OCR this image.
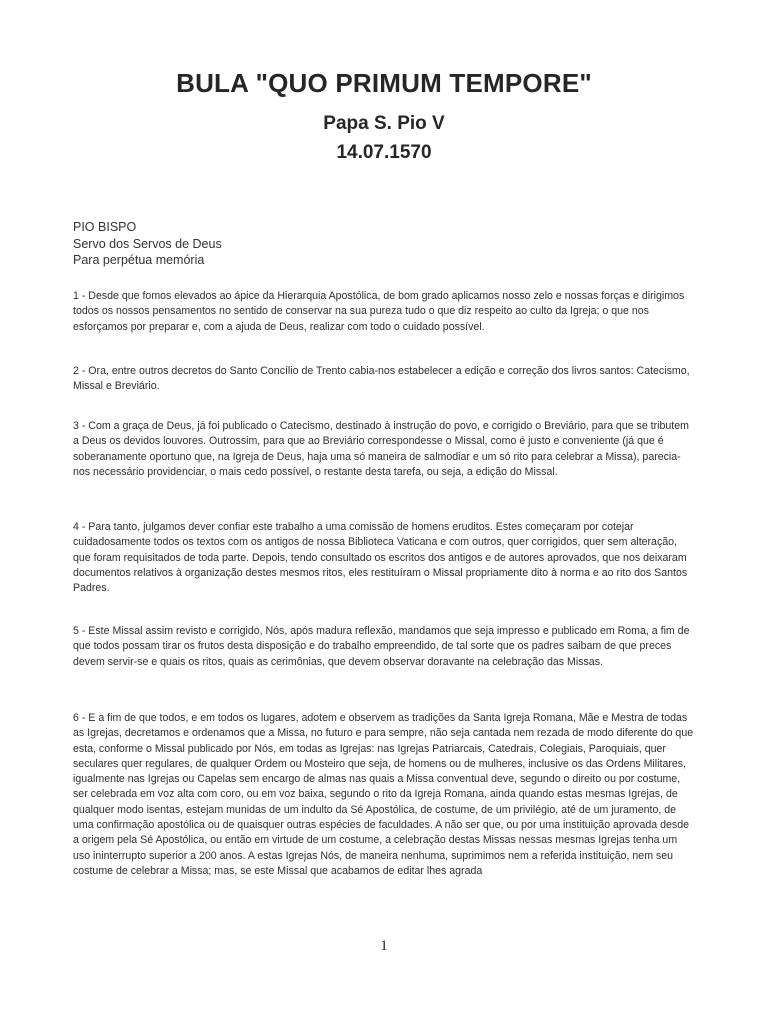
BULA "QUO PRIMUM TEMPORE"
Papa S. Pio V
14.07.1570
PIO BISPO
Servo dos Servos de Deus
Para perpétua memória

1 - Desde que fomos elevados ao ápice da Hierarquia Apostólica, de bom grado aplicamos nosso zelo e nossas forças e dirigimos todos os nossos pensamentos no sentido de conservar na sua pureza tudo o que diz respeito ao culto da Igreja; o que nos esforçamos por preparar e, com a ajuda de Deus, realizar com todo o cuidado possível.

2 - Ora, entre outros decretos do Santo Concílio de Trento cabia-nos estabelecer a edição e correção dos livros santos: Catecismo, Missal e Breviário.

3 - Com a graça de Deus, já foi publicado o Catecismo, destinado à instrução do povo, e corrigido o Breviário, para que se tributem a Deus os devidos louvores. Outrossim, para que ao Breviário correspondesse o Missal, como é justo e conveniente (já que é soberanamente oportuno que, na Igreja de Deus, haja uma só maneira de salmodiar e um só rito para celebrar a Missa), parecia-nos necessário providenciar, o mais cedo possível, o restante desta tarefa, ou seja, a edição do Missal.

4 - Para tanto, julgamos dever confiar este trabalho a uma comissão de homens eruditos. Estes começaram por cotejar cuidadosamente todos os textos com os antigos de nossa Biblioteca Vaticana e com outros, quer corrigidos, quer sem alteração, que foram requisitados de toda parte. Depois, tendo consultado os escritos dos antigos e de autores aprovados, que nos deixaram documentos relativos à organização destes mesmos ritos, eles restituíram o Missal propriamente dito à norma e ao rito dos Santos Padres.

5 - Este Missal assim revisto e corrigido, Nós, após madura reflexão, mandamos que seja impresso e publicado em Roma, a fim de que todos possam tirar os frutos desta disposição e do trabalho empreendido, de tal sorte que os padres saibam de que preces devem servir-se e quais os ritos, quais as cerimônias, que devem observar doravante na celebração das Missas.

6 - E a fim de que todos, e em todos os lugares, adotem e observem as tradições da Santa Igreja Romana, Mãe e Mestra de todas as Igrejas, decretamos e ordenamos que a Missa, no futuro e para sempre, não seja cantada nem rezada de modo diferente do que esta, conforme o Missal publicado por Nós, em todas as Igrejas: nas Igrejas Patriarcais, Catedrais, Colegiais, Paroquiais, quer seculares quer regulares, de qualquer Ordem ou Mosteiro que seja, de homens ou de mulheres, inclusive os das Ordens Militares, igualmente nas Igrejas ou Capelas sem encargo de almas nas quais a Missa conventual deve, segundo o direito ou por costume, ser celebrada em voz alta com coro, ou em voz baixa, segundo o rito da Igreja Romana, ainda quando estas mesmas Igrejas, de qualquer modo isentas, estejam munidas de um indulto da Sé Apostólica, de costume, de um privilégio, até de um juramento, de uma confirmação apostólica ou de quaisquer outras espécies de faculdades. A não ser que, ou por uma instituição aprovada desde a origem pela Sé Apostólica, ou então em virtude de um costume, a celebração destas Missas nessas mesmas Igrejas tenha um uso ininterrupto superior a 200 anos. A estas Igrejas Nós, de maneira nenhuma, suprimimos nem a referida instituição, nem seu costume de celebrar a Missa; mas, se este Missal que acabamos de editar lhes agrada

1
